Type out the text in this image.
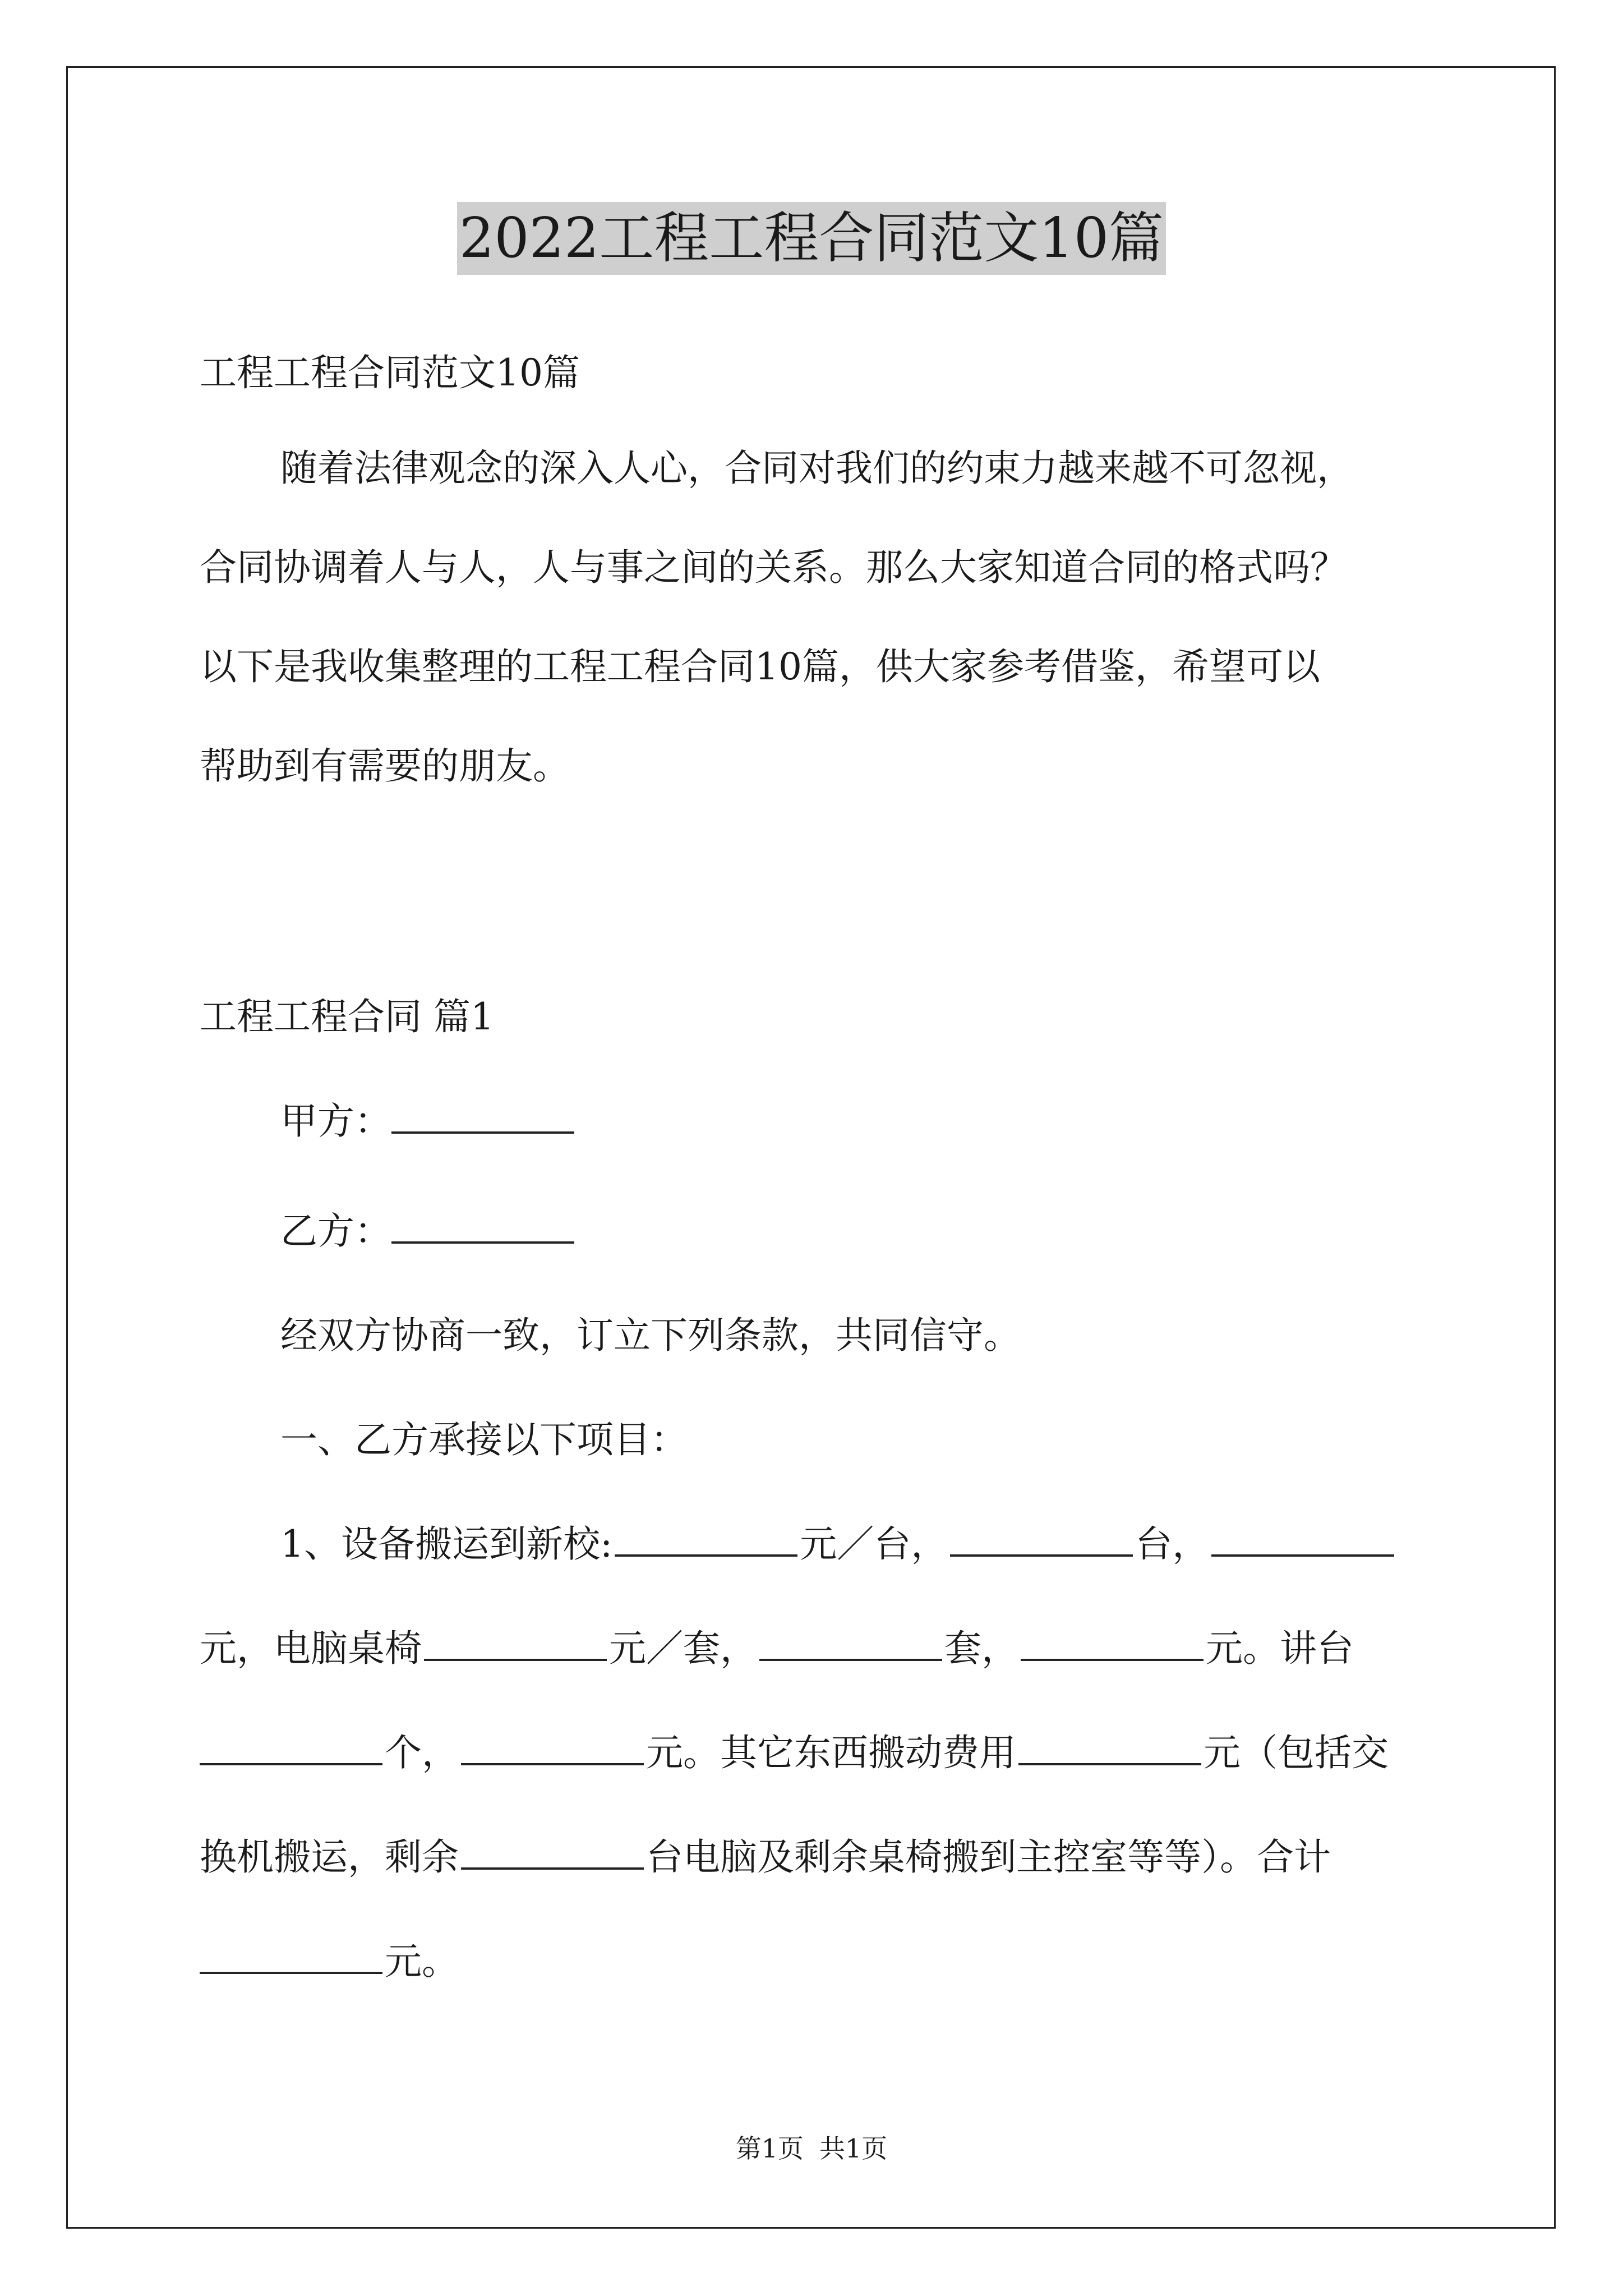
2022工程工程合同范文10篇
工程工程合同范文10篇
随着法律观念的深入人心，合同对我们的约束力越来越不可忽视，
合同协调着人与人，人与事之间的关系。那么大家知道合同的格式吗？
以下是我收集整理的工程工程合同10篇，供大家参考借鉴，希望可以
帮助到有需要的朋友。
工程工程合同 篇1
甲方：
乙方：
经双方协商一致，订立下列条款，共同信守。
一、乙方承接以下项目：
1、设备搬运到新校:	元／台，	台，
元，电脑桌椅	元／套，	套，	元。讲台
个，	元。其它东西搬动费用	元（包括交
换机搬运，剩余	台电脑及剩余桌椅搬到主控室等等）。合计
元。
第1页 共1页
